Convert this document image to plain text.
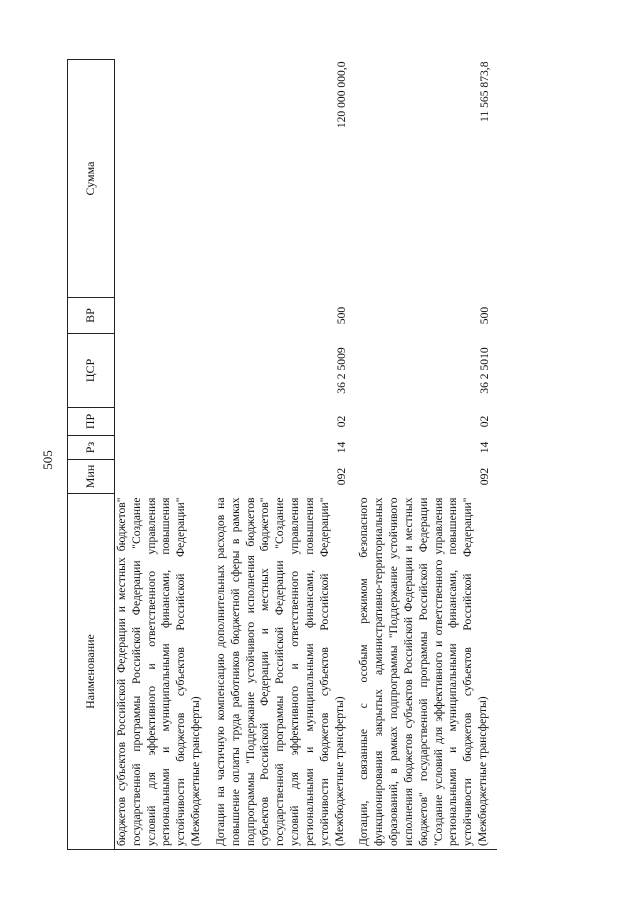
505
Наименование	Мин	Рз	ПР	ЦСР	ВР	Сумма
бюджетов субъектов Российской Федерации и местных бюджетов" государственной программы Российской Федерации "Создание условий для эффективного и ответственного управления региональными и муниципальными финансами, повышения устойчивости бюджетов субъектов Российской Федерации" (Межбюджетные трансферты)						
Дотации на частичную компенсацию дополнительных расходов на повышение оплаты труда работников бюджетной сферы в рамках подпрограммы "Поддержание устойчивого исполнения бюджетов субъектов Российской Федерации и местных бюджетов" государственной программы Российской Федерации "Создание условий для эффективного и ответственного управления региональными и муниципальными финансами, повышения устойчивости бюджетов субъектов Российской Федерации" (Межбюджетные трансферты)	092	14	02	36 2 5009	500	120 000 000,0
Дотации, связанные с особым режимом безопасного функционирования закрытых административно-территориальных образований, в рамках подпрограммы "Поддержание устойчивого исполнения бюджетов субъектов Российской Федерации и местных бюджетов" государственной программы Российской Федерации "Создание условий для эффективного и ответственного управления региональными и муниципальными финансами, повышения устойчивости бюджетов субъектов Российской Федерации" (Межбюджетные трансферты)	092	14	02	36 2 5010	500	11 565 873,8
